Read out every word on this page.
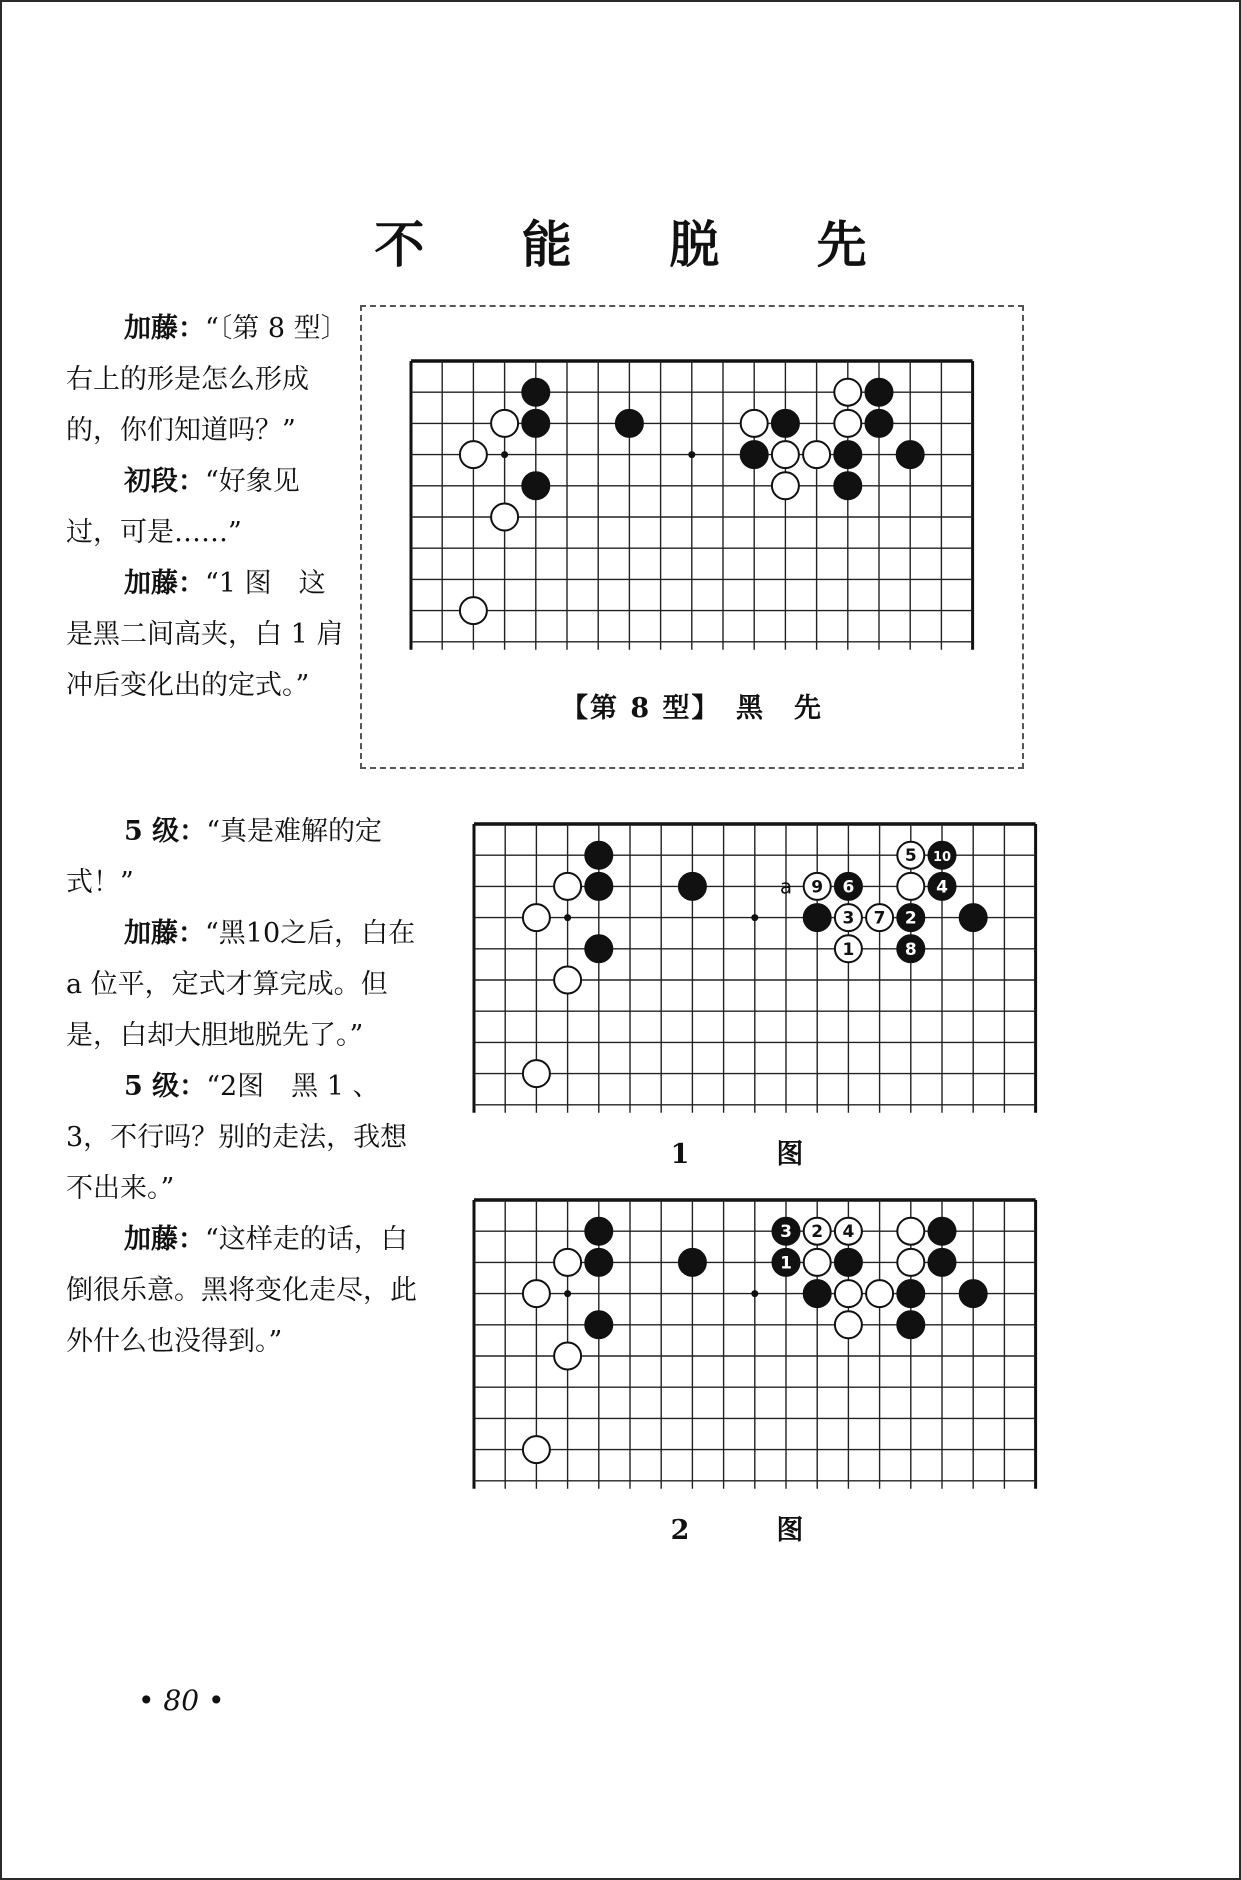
不 能 脱 先
【第 8 型】　黑　先
5 10
9 6	4
3 7 2
1	8
a
1　图
3 2 4
1
2　图
加藤：“〔第 8 型〕　右上的形是怎么形成的，你们知道吗？”
初段：“好象见过，可是……”
加藤：“1 图　这是黑二间高夹，白 1 肩冲后变化出的定式。”
5 级：“真是难解的定式！”
加藤：“黑10之后，白在 a 位平，定式才算完成。但是，白却大胆地脱先了。”
5 级：“2图　黑 1 、3，不行吗？别的走法，我想不出来。”
加藤：“这样走的话，白倒很乐意。黑将变化走尽，此外什么也没得到。”
• 80 •
